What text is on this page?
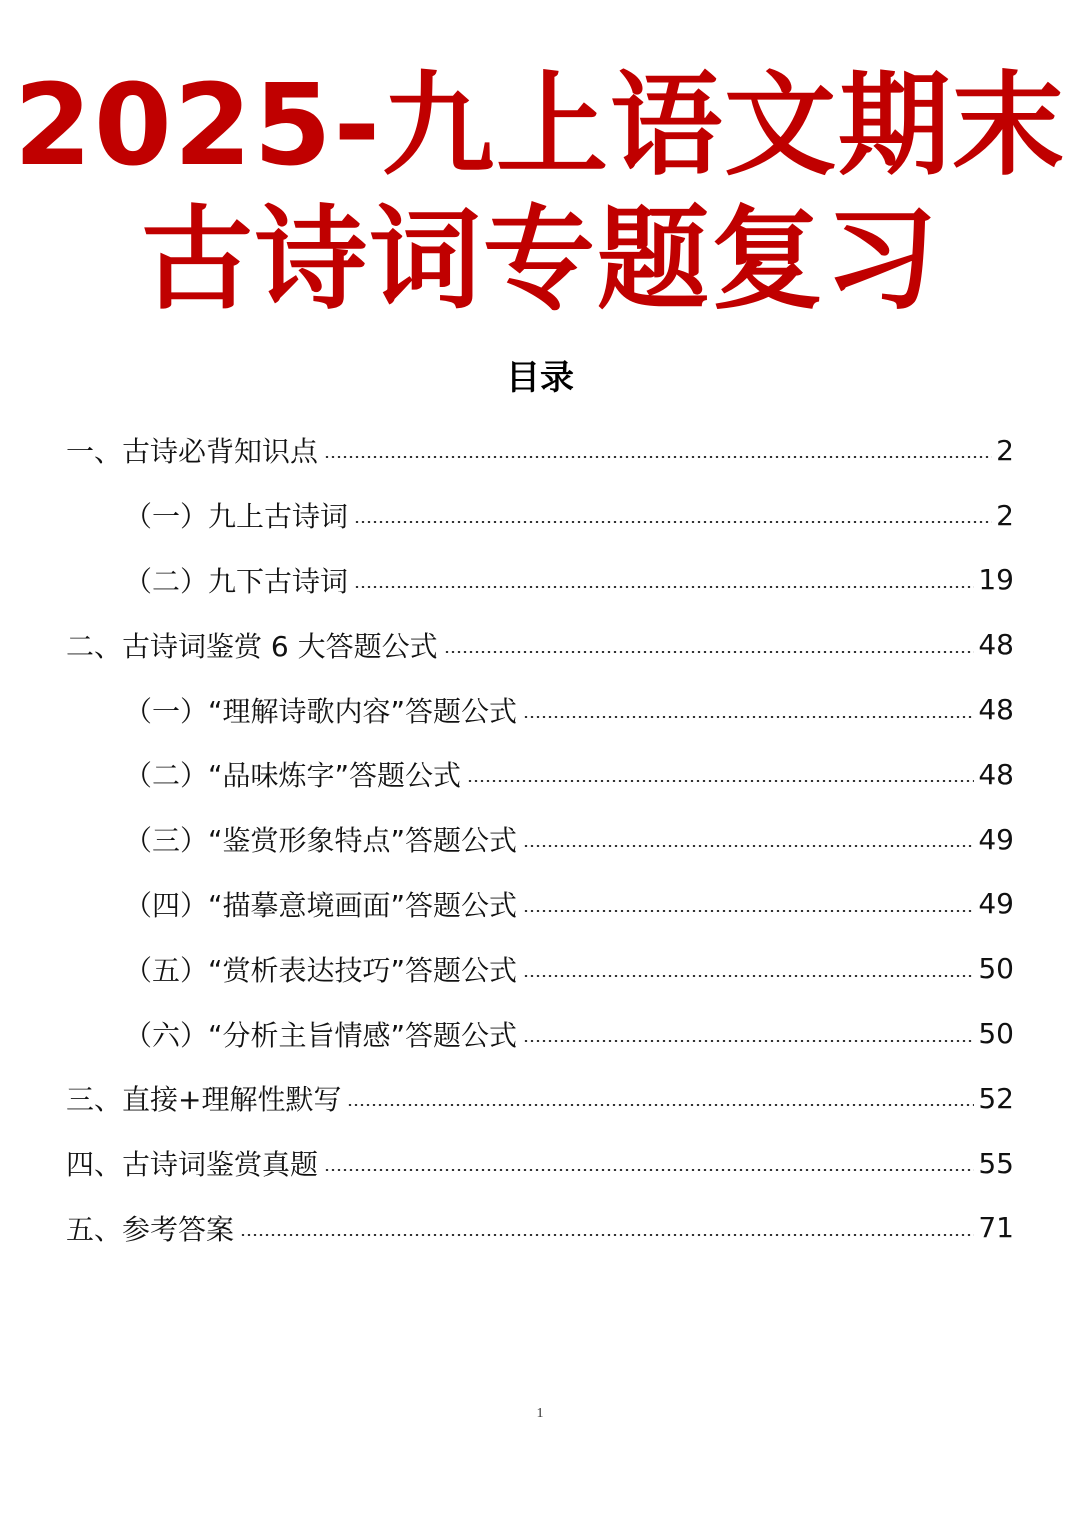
2025-九上语文期末
古诗词专题复习
目录
一、古诗必背知识点	2
（一）九上古诗词	2
（二）九下古诗词	19
二、古诗词鉴赏 6 大答题公式	48
（一）“理解诗歌内容”答题公式	48
（二）“品味炼字”答题公式	48
（三）“鉴赏形象特点”答题公式	49
（四）“描摹意境画面”答题公式	49
（五）“赏析表达技巧”答题公式	50
（六）“分析主旨情感”答题公式	50
三、直接+理解性默写	52
四、古诗词鉴赏真题	55
五、参考答案	71
1
